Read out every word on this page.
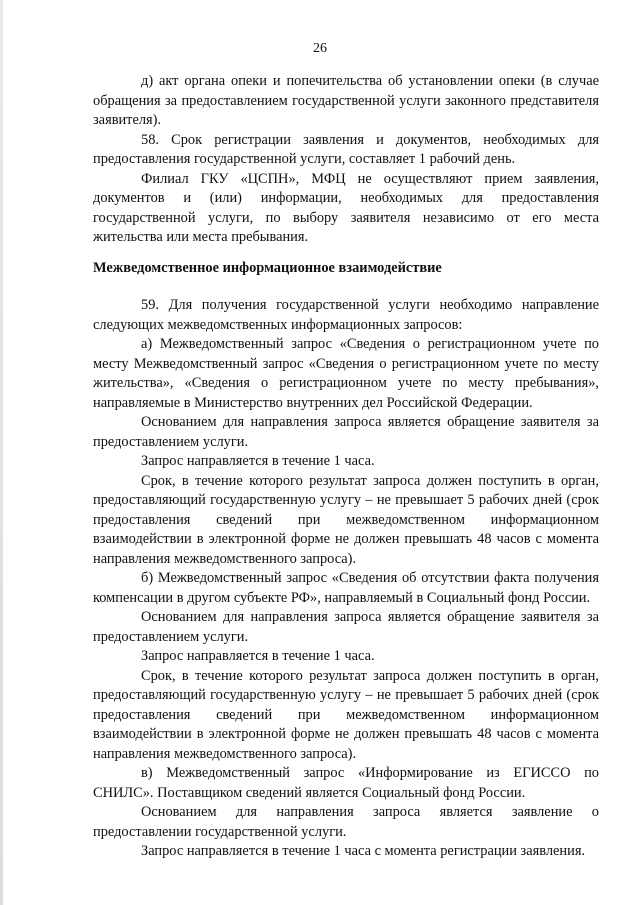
26

д) акт органа опеки и попечительства об установлении опеки (в случае обращения за предоставлением государственной услуги законного представителя заявителя).

58. Срок регистрации заявления и документов, необходимых для предоставления государственной услуги, составляет 1 рабочий день.

Филиал ГКУ «ЦСПН», МФЦ не осуществляют прием заявления, документов и (или) информации, необходимых для предоставления государственной услуги, по выбору заявителя независимо от его места жительства или места пребывания.

Межведомственное информационное взаимодействие

59. Для получения государственной услуги необходимо направление следующих межведомственных информационных запросов:

а) Межведомственный запрос «Сведения о регистрационном учете по месту Межведомственный запрос «Сведения о регистрационном учете по месту жительства», «Сведения о регистрационном учете по месту пребывания», направляемые в Министерство внутренних дел Российской Федерации.

Основанием для направления запроса является обращение заявителя за предоставлением услуги.

Запрос направляется в течение 1 часа.

Срок, в течение которого результат запроса должен поступить в орган, предоставляющий государственную услугу – не превышает 5 рабочих дней (срок предоставления сведений при межведомственном информационном взаимодействии в электронной форме не должен превышать 48 часов с момента направления межведомственного запроса).

б) Межведомственный запрос «Сведения об отсутствии факта получения компенсации в другом субъекте РФ», направляемый в Социальный фонд России.

Основанием для направления запроса является обращение заявителя за предоставлением услуги.

Запрос направляется в течение 1 часа.

Срок, в течение которого результат запроса должен поступить в орган, предоставляющий государственную услугу – не превышает 5 рабочих дней (срок предоставления сведений при межведомственном информационном взаимодействии в электронной форме не должен превышать 48 часов с момента направления межведомственного запроса).

в) Межведомственный запрос «Информирование из ЕГИССО по СНИЛС». Поставщиком сведений является Социальный фонд России.

Основанием для направления запроса является заявление о предоставлении государственной услуги.

Запрос направляется в течение 1 часа с момента регистрации заявления.
